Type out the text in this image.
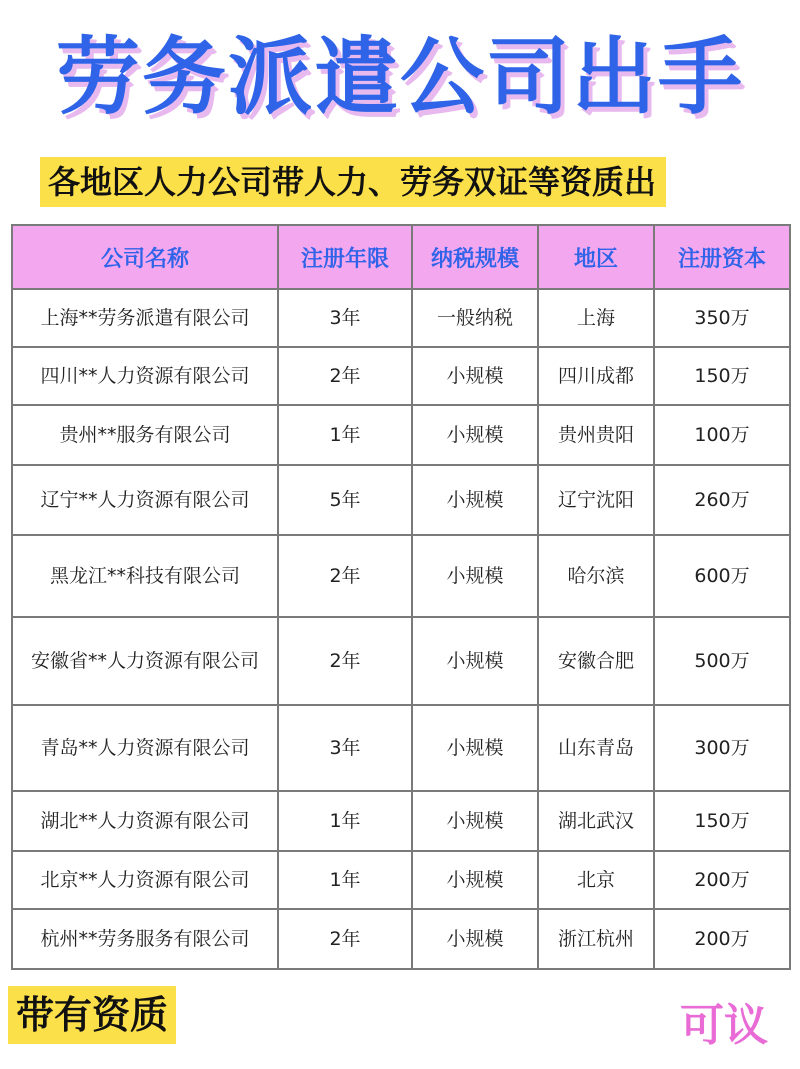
劳务派遣公司出手
各地区人力公司带人力、劳务双证等资质出
公司名称	注册年限	纳税规模	地区	注册资本
上海**劳务派遣有限公司	3年	一般纳税	上海	350万
四川**人力资源有限公司	2年	小规模	四川成都	150万
贵州**服务有限公司	1年	小规模	贵州贵阳	100万
辽宁**人力资源有限公司	5年	小规模	辽宁沈阳	260万
黑龙江**科技有限公司	2年	小规模	哈尔滨	600万
安徽省**人力资源有限公司	2年	小规模	安徽合肥	500万
青岛**人力资源有限公司	3年	小规模	山东青岛	300万
湖北**人力资源有限公司	1年	小规模	湖北武汉	150万
北京**人力资源有限公司	1年	小规模	北京	200万
杭州**劳务服务有限公司	2年	小规模	浙江杭州	200万
带有资质	可议
